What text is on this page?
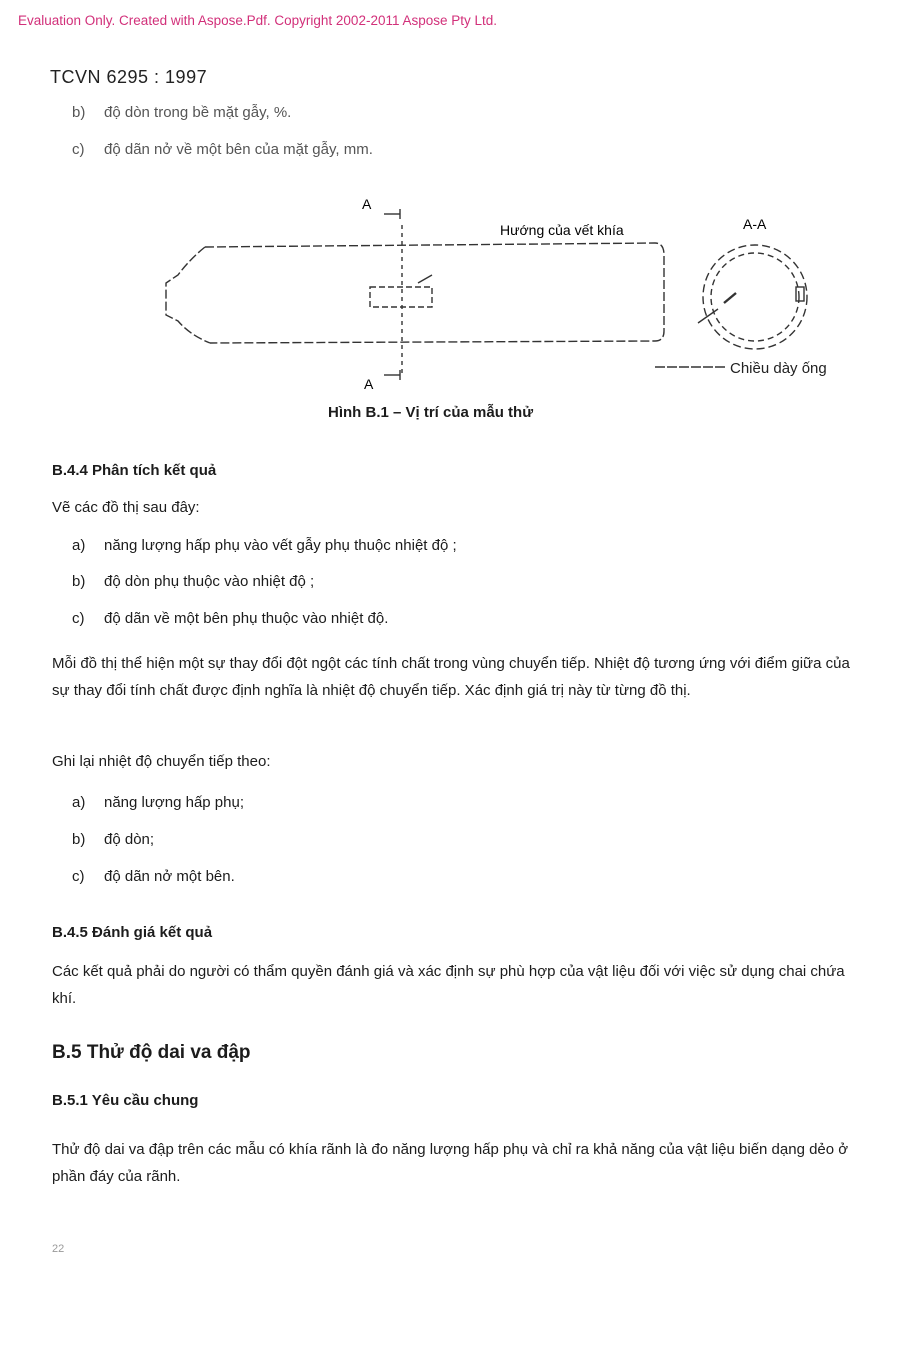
Evaluation Only. Created with Aspose.Pdf. Copyright 2002-2011 Aspose Pty Ltd.
TCVN 6295 : 1997
b) độ dòn trong bề mặt gẫy, %.
c) độ dãn nở về một bên của mặt gẫy, mm.
A
A
A-A
Hướng của vết khía
Chiều dày ống
Hình B.1 – Vị trí của mẫu thử
B.4.4 Phân tích kết quả
Vẽ các đồ thị sau đây:
a) năng lượng hấp phụ vào vết gẫy phụ thuộc nhiệt độ ;
b) độ dòn phụ thuộc vào nhiệt độ ;
c) độ dãn về một bên phụ thuộc vào nhiệt độ.
Mỗi đồ thị thể hiện một sự thay đổi đột ngột các tính chất trong vùng chuyển tiếp. Nhiệt độ tương ứng với điểm giữa của sự thay đổi tính chất được định nghĩa là nhiệt độ chuyển tiếp. Xác định giá trị này từ từng đồ thị.
Ghi lại nhiệt độ chuyển tiếp theo:
a) năng lượng hấp phụ;
b) độ dòn;
c) độ dãn nở một bên.
B.4.5 Đánh giá kết quả
Các kết quả phải do người có thẩm quyền đánh giá và xác định sự phù hợp của vật liệu đối với việc sử dụng chai chứa khí.
B.5 Thử độ dai va đập
B.5.1 Yêu cầu chung
Thử độ dai va đập trên các mẫu có khía rãnh là đo năng lượng hấp phụ và chỉ ra khả năng của vật liệu biến dạng dẻo ở phần đáy của rãnh.
22
